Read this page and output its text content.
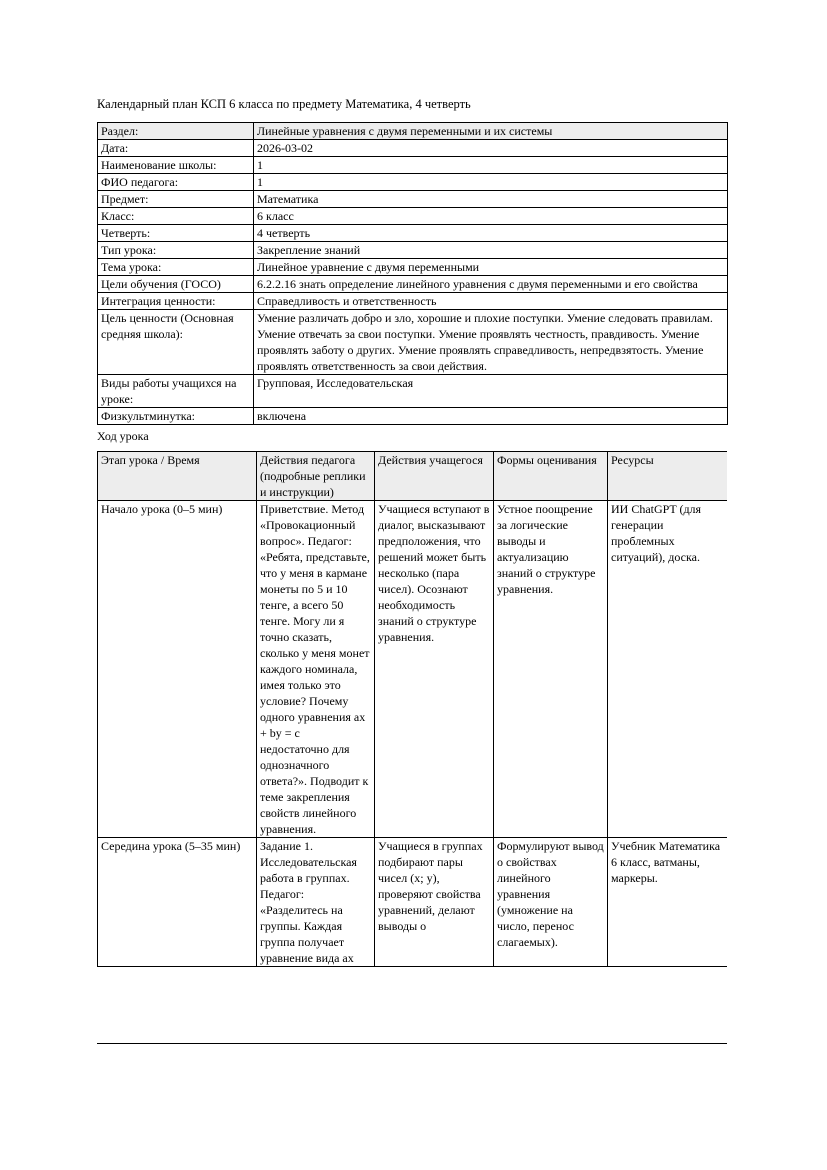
Календарный план КСП 6 класса по предмету Математика, 4 четверть

Раздел:	Линейные уравнения с двумя переменными и их системы
Дата:	2026-03-02
Наименование школы:	1
ФИО педагога:	1
Предмет:	Математика
Класс:	6 класс
Четверть:	4 четверть
Тип урока:	Закрепление знаний
Тема урока:	Линейное уравнение с двумя переменными
Цели обучения (ГОСО)	6.2.2.16 знать определение линейного уравнения с двумя переменными и его свойства
Интеграция ценности:	Справедливость и ответственность
Цель ценности (Основная средняя школа):	Умение различать добро и зло, хорошие и плохие поступки. Умение следовать правилам. Умение отвечать за свои поступки. Умение проявлять честность, правдивость. Умение проявлять заботу о других. Умение проявлять справедливость, непредвзятость. Умение проявлять ответственность за свои действия.
Виды работы учащихся на уроке:	Групповая, Исследовательская
Физкультминутка:	включена

Ход урока

Этап урока / Время	Действия педагога (подробные реплики и инструкции)	Действия учащегося	Формы оценивания	Ресурсы
Начало урока (0–5 мин)	Приветствие. Метод «Провокационный вопрос». Педагог: «Ребята, представьте, что у меня в кармане монеты по 5 и 10 тенге, а всего 50 тенге. Могу ли я точно сказать, сколько у меня монет каждого номинала, имея только это условие? Почему одного уравнения ax + by = c недостаточно для однозначного ответа?». Подводит к теме закрепления свойств линейного уравнения.	Учащиеся вступают в диалог, высказывают предположения, что решений может быть несколько (пара чисел). Осознают необходимость знаний о структуре уравнения.	Устное поощрение за логические выводы и актуализацию знаний о структуре уравнения.	ИИ ChatGPT (для генерации проблемных ситуаций), доска.
Середина урока (5–35 мин)	Задание 1. Исследовательская работа в группах. Педагог: «Разделитесь на группы. Каждая группа получает уравнение вида ax	Учащиеся в группах подбирают пары чисел (x; y), проверяют свойства уравнений, делают выводы о	Формулируют вывод о свойствах линейного уравнения (умножение на число, перенос слагаемых).	Учебник Математика 6 класс, ватманы, маркеры.
